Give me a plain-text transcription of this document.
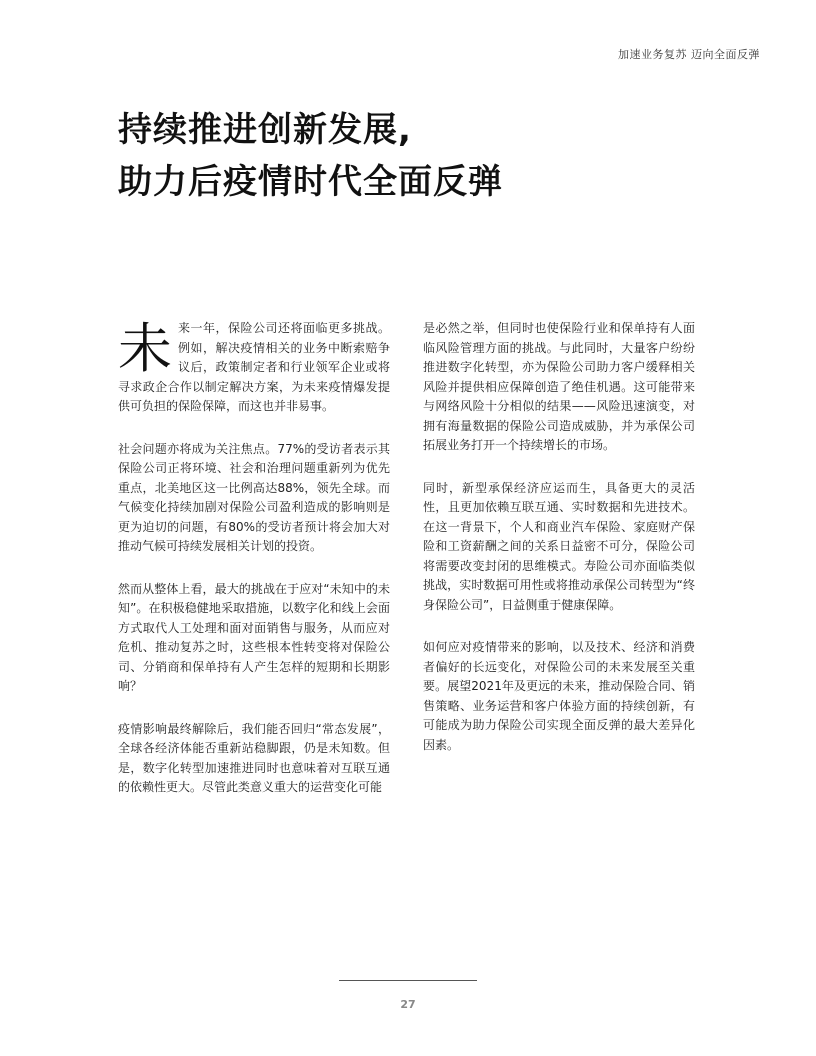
加速业务复苏 迈向全面反弹
持续推进创新发展,
助力后疫情时代全面反弹

未来一年，保险公司还将面临更多挑战。例如，解决疫情相关的业务中断索赔争议后，政策制定者和行业领军企业或将寻求政企合作以制定解决方案，为未来疫情爆发提供可负担的保险保障，而这也并非易事。

社会问题亦将成为关注焦点。77%的受访者表示其保险公司正将环境、社会和治理问题重新列为优先重点，北美地区这一比例高达88%，领先全球。而气候变化持续加剧对保险公司盈利造成的影响则是更为迫切的问题，有80%的受访者预计将会加大对推动气候可持续发展相关计划的投资。

然而从整体上看，最大的挑战在于应对“未知中的未知”。在积极稳健地采取措施，以数字化和线上会面方式取代人工处理和面对面销售与服务，从而应对危机、推动复苏之时，这些根本性转变将对保险公司、分销商和保单持有人产生怎样的短期和长期影响？

疫情影响最终解除后，我们能否回归“常态发展”，全球各经济体能否重新站稳脚跟，仍是未知数。但是，数字化转型加速推进同时也意味着对互联互通的依赖性更大。尽管此类意义重大的运营变化可能

是必然之举，但同时也使保险行业和保单持有人面临风险管理方面的挑战。与此同时，大量客户纷纷推进数字化转型，亦为保险公司助力客户缓释相关风险并提供相应保障创造了绝佳机遇。这可能带来与网络风险十分相似的结果——风险迅速演变，对拥有海量数据的保险公司造成威胁，并为承保公司拓展业务打开一个持续增长的市场。

同时，新型承保经济应运而生，具备更大的灵活性，且更加依赖互联互通、实时数据和先进技术。在这一背景下，个人和商业汽车保险、家庭财产保险和工资薪酬之间的关系日益密不可分，保险公司将需要改变封闭的思维模式。寿险公司亦面临类似挑战，实时数据可用性或将推动承保公司转型为“终身保险公司”，日益侧重于健康保障。

如何应对疫情带来的影响，以及技术、经济和消费者偏好的长远变化，对保险公司的未来发展至关重要。展望2021年及更远的未来，推动保险合同、销售策略、业务运营和客户体验方面的持续创新，有可能成为助力保险公司实现全面反弹的最大差异化因素。

27
